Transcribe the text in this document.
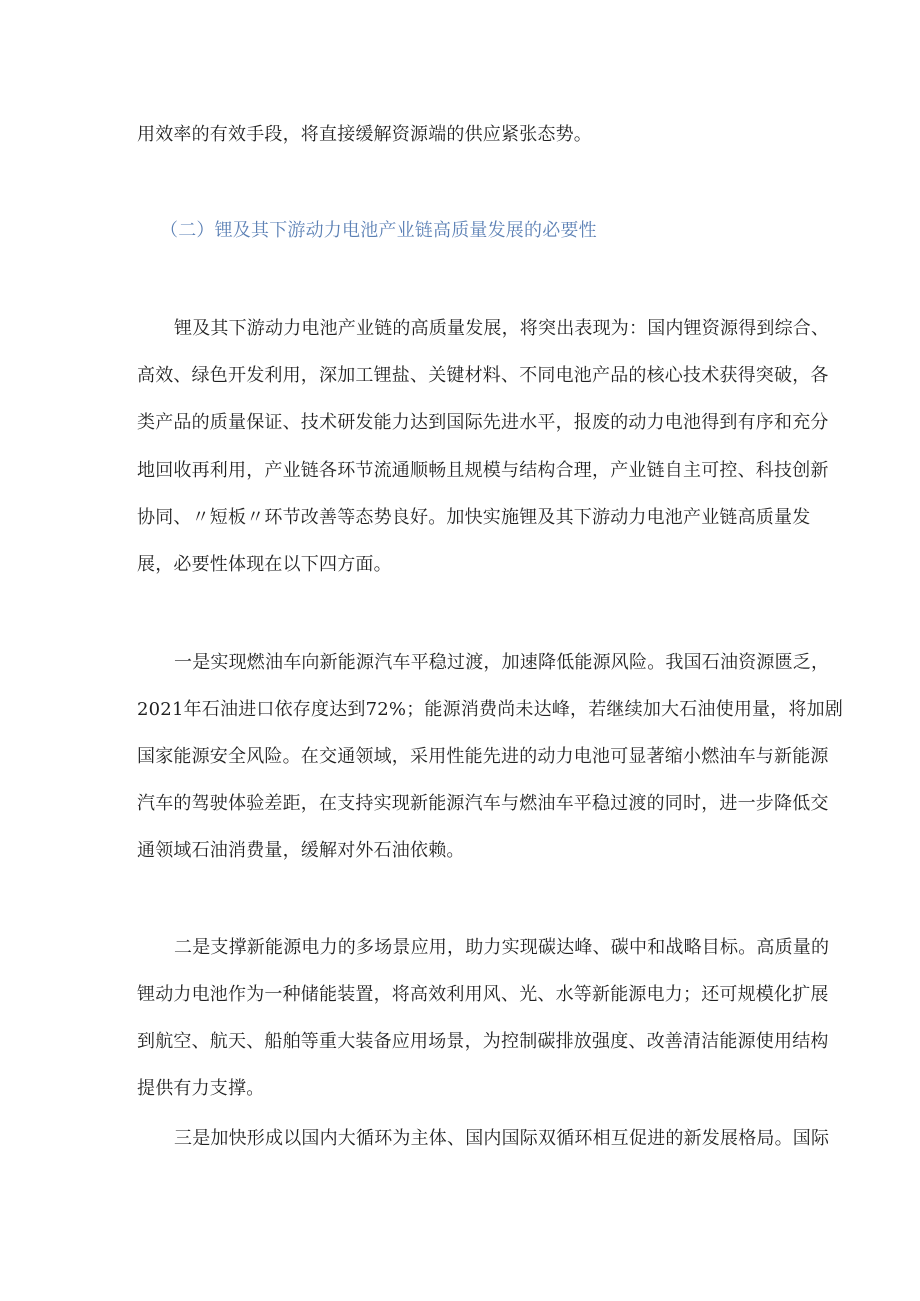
用效率的有效手段，将直接缓解资源端的供应紧张态势。

（二）锂及其下游动力电池产业链高质量发展的必要性

锂及其下游动力电池产业链的高质量发展，将突出表现为：国内锂资源得到综合、

高效、绿色开发利用，深加工锂盐、关键材料、不同电池产品的核心技术获得突破，各

类产品的质量保证、技术研发能力达到国际先进水平，报废的动力电池得到有序和充分

地回收再利用，产业链各环节流通顺畅且规模与结构合理，产业链自主可控、科技创新

协同、〃短板〃环节改善等态势良好。加快实施锂及其下游动力电池产业链高质量发

展，必要性体现在以下四方面。

一是实现燃油车向新能源汽车平稳过渡，加速降低能源风险。我国石油资源匮乏，

2021年石油进口依存度达到72%；能源消费尚未达峰，若继续加大石油使用量，将加剧

国家能源安全风险。在交通领域，采用性能先进的动力电池可显著缩小燃油车与新能源

汽车的驾驶体验差距，在支持实现新能源汽车与燃油车平稳过渡的同时，进一步降低交

通领域石油消费量，缓解对外石油依赖。

二是支撑新能源电力的多场景应用，助力实现碳达峰、碳中和战略目标。高质量的

锂动力电池作为一种储能装置，将高效利用风、光、水等新能源电力；还可规模化扩展

到航空、航天、船舶等重大装备应用场景，为控制碳排放强度、改善清洁能源使用结构

提供有力支撑。

三是加快形成以国内大循环为主体、国内国际双循环相互促进的新发展格局。国际
